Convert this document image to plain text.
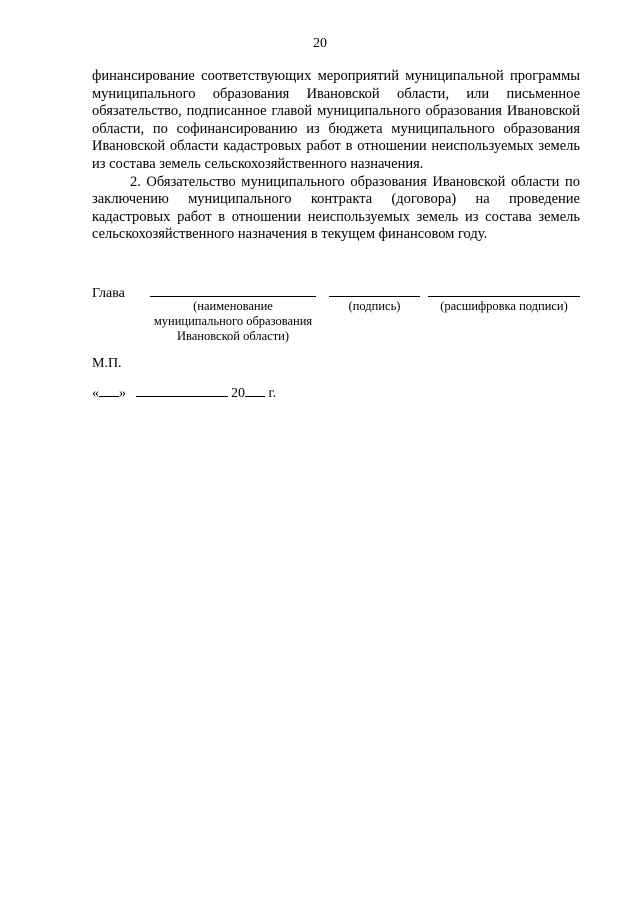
20

финансирование соответствующих мероприятий муниципальной программы муниципального образования Ивановской области, или письменное обязательство, подписанное главой муниципального образования Ивановской области, по софинансированию из бюджета муниципального образования Ивановской области кадастровых работ в отношении неиспользуемых земель из состава земель сельскохозяйственного назначения.

2. Обязательство муниципального образования Ивановской области по заключению муниципального контракта (договора) на проведение кадастровых работ в отношении неиспользуемых земель из состава земель сельскохозяйственного назначения в текущем финансовом году.

Глава
(наименование муниципального образования Ивановской области)
(подпись)	(расшифровка подписи)
М.П.
« »	20 г.
